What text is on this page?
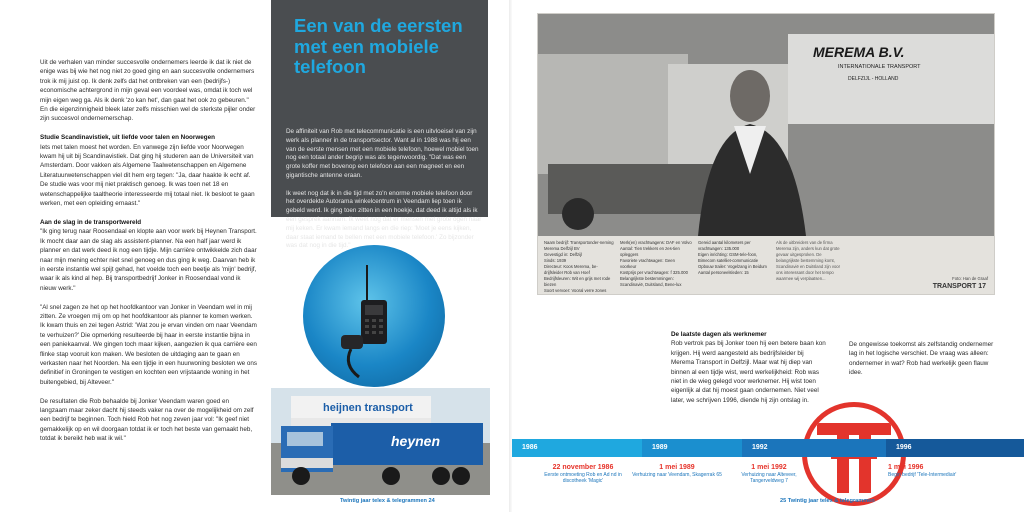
Uit de verhalen van minder succesvolle ondernemers leerde ik dat ik niet de enige was bij wie het nog niet zo goed ging en aan succesvolle ondernemers trok ik mij juist op. Ik denk zelfs dat het ontbreken van een (bedrijfs-) economische achtergrond in mijn geval een voordeel was, omdat ik toch wel mijn eigen weg ga. Als ik denk 'zo kan het', dan gaat het ook zo gebeuren." En die eigenzinnigheid bleek later zelfs misschien wel de sterkste pijler onder zijn succesvol ondernemerschap.

Studie Scandinavistiek, uit liefde voor talen en Noorwegen
Iets met talen moest het worden. En vanwege zijn liefde voor Noorwegen kwam hij uit bij Scandinavistiek. Dat ging hij studeren aan de Universiteit van Amsterdam. Door vakken als Algemene Taalwetenschappen en Algemene Literatuurwetenschappen viel dit hem erg tegen: "Ja, daar haakte ik echt af. De studie was voor mij niet praktisch genoeg. Ik was toen net 18 en wetenschappelijke taaltheorie interesseerde mij totaal niet. Ik besloot te gaan werken, met een opleiding ernaast."

Aan de slag in de transportwereld

"Ik ging terug naar Roosendaal en klopte aan voor werk bij Heynen Transport. Ik mocht daar aan de slag als assistent-planner. Na een half jaar werd ik planner en dat werk deed ik nog een tijdje. Mijn carrière ontwikkelde zich daar naar mijn mening echter niet snel genoeg en dus ging ik weg. Daarvan heb ik in eerste instantie wel spijt gehad, het voelde toch een beetje als 'mijn' bedrijf, waar ik als kind al hep. Bij transportbedrijf Jonker in Roosendaal vond ik nieuw werk."

"Al snel zagen ze het op het hoofdkantoor van Jonker in Veendam wel in mij zitten. Ze vroegen mij om op het hoofdkantoor als planner te komen werken. Ik kwam thuis en zei tegen Astrid: 'Wat zou je ervan vinden om naar Veendam te verhuizen?' Die opmerking resulteerde bij haar in eerste instantie bijna in een paniekaanval. We gingen toch maar kijken, aangezien ik qua carrière een flinke stap vooruit kon maken. We besloten de uitdaging aan te gaan en verkasten naar het Noorden. Na een tijdje in een huurwoning besloten we ons definitief in Groningen te vestigen en kochten een vrijstaande woning in het buitengebied, bij Altevеer."

De resultaten die Rob behaalde bij Jonker Veendam waren goed en langzaam maar zeker dacht hij steeds vaker na over de mogelijkheid om zelf een bedrijf te beginnen. Toch hield Rob het nog zeven jaar vol: "Ik geef niet gemakkelijk op en wil doorgaan totdat ik er toch het beste van gemaakt heb, totdat ik bereikt heb wat ik wil."

Een van de eersten met een mobiele telefoon

De affiniteit van Rob met telecommunicatie is een uitvloeisel van zijn werk als planner in de transportsector. Want al in 1988 was hij een van de eerste mensen met een mobiele telefoon, hoewel mobiel toen nog een totaal ander begrip was als tegenwoordig. "Dat was een grote koffer met bovenop een telefoon aan een magneet en een gigantische antenne eraan.

Ik weet nog dat ik in die tijd met zo'n enorme mobiele telefoon door het overdekte Autorama winkelcentrum in Veendam liep toen ik gebeld werd. Ik ging toen zitten in een hoekje, dat deed ik altijd als ik een gesprek aannam. Ik weet nog dat er mensen met grote ogen naar mij keken. Er kwam iemand langs en die riep: 'Moet je eens kijken, daar staat iemand te bellen met een mobiele telefoon.' Zo bijzonder was dat nog in die tijd."

heijnen transport
heynen
Twintig jaar telex & telegrammen 24
MEREMA B.V.
INTERNATIONALE TRANSPORT
DELFZIJL - HOLLAND
Naam bedrijf: Transportonder-neming Merema Delfzijl BV
Gevestigd in: Delfzijl
Sinds: 1939
Directeur: Koos Merema, be-drijfsleider Rob van Hoef
Bedrijfsleuren: Wit en grijs met rode biezen
Soort vervoer: Vooral verre zones
Merk(en) vrachtwagens: DAF en Volvo
Aantal: Tien trekkers en zes-tien opleggers
Favoriete vrachtwagen: Geen voorkeur
Kostprijs per vrachtwagen: f 325.000
Belangrijkste bestemmingen: Scandinavië, Duitsland, Bene-lux
Gereid aantal kilometers per vrachtwagen: 135.000
Eigen inrichting: GSM-tele-foon, Bimecom satelliet-communicatie
Opbouw trailer: Vogelzang in Beidum
Aantal personeelsleden: 15
Als de uitbreiders van de firma Merema zijn, anders kun dat grote gevaar uitgesproken. De belangrijkste bestemming komt, Scandinavië en Duitsland zijn voor ons interessant door het tempo waarmee wij verplaatsen...	Foto: Han de Graaf
TRANSPORT 17
De laatste dagen als werknemer
Rob vertrok pas bij Jonker toen hij een betere baan kon krijgen. Hij werd aangesteld als bedrijfsleider bij Merema Transport in Delfzijl. Maar wat hij diep van binnen al een tijdje wist, werd werkelijkheid: Rob was niet in de wieg gelegd voor werknemer. Hij wist toen eigenlijk al dat hij moest gaan ondernemen. Niet veel later, we schrijven 1996, diende hij zijn ontslag in.
De ongewisse toekomst als zelfstandig ondernemer lag in het logische verschiet. De vraag was alleen: ondernemer in wat? Rob had werkelijk geen flauw idee.
1986	1989	1992	1996
22 november 1986
Eerste ontmoeting Rob en Ad nd in discotheek 'Magic'
1 mei 1989
Verhuizing naar Veendam, Skagerrak 65
1 mei 1992
Verhuizing naar Altevеer, Tangerveldweg 7
1 mei 1996
Begin bedrijf 'Tele-Intermediair'
25 Twintig jaar telex & telegrammen
